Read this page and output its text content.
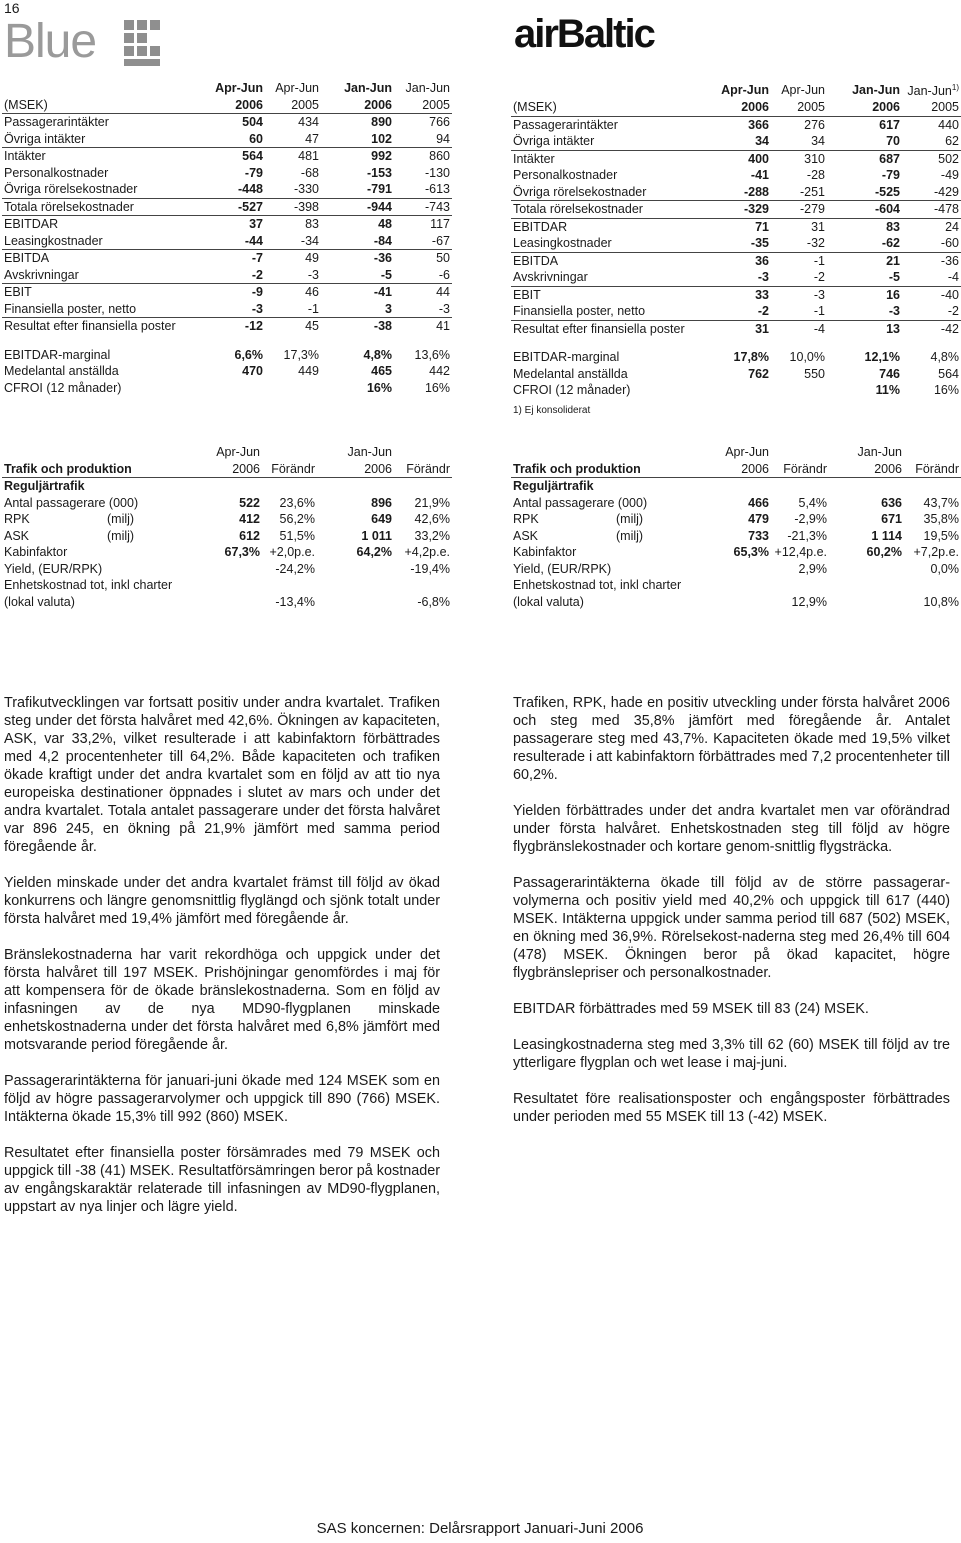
16
Blue	airBaltic
	Apr-Jun	Apr-Jun	Jan-Jun	Jan-Jun
(MSEK)	2006	2005	2006	2005
Passagerarintäkter	504	434	890	766
Övriga intäkter	60	47	102	94
Intäkter	564	481	992	860
Personalkostnader	-79	-68	-153	-130
Övriga rörelsekostnader	-448	-330	-791	-613
Totala rörelsekostnader	-527	-398	-944	-743
EBITDAR	37	83	48	117
Leasingkostnader	-44	-34	-84	-67
EBITDA	-7	49	-36	50
Avskrivningar	-2	-3	-5	-6
EBIT	-9	46	-41	44
Finansiella poster, netto	-3	-1	3	-3
Resultat efter finansiella poster	-12	45	-38	41

EBITDAR-marginal	6,6%	17,3%	4,8%	13,6%
Medelantal anställda	470	449	465	442
CFROI (12 månader)			16%	16%
	Apr-Jun	Apr-Jun	Jan-Jun	Jan-Jun$^{1)}$
(MSEK)	2006	2005	2006	2005
Passagerarintäkter	366	276	617	440
Övriga intäkter	34	34	70	62
Intäkter	400	310	687	502
Personalkostnader	-41	-28	-79	-49
Övriga rörelsekostnader	-288	-251	-525	-429
Totala rörelsekostnader	-329	-279	-604	-478
EBITDAR	71	31	83	24
Leasingkostnader	-35	-32	-62	-60
EBITDA	36	-1	21	-36
Avskrivningar	-3	-2	-5	-4
EBIT	33	-3	16	-40
Finansiella poster, netto	-2	-1	-3	-2
Resultat efter finansiella poster	31	-4	13	-42

EBITDAR-marginal	17,8%	10,0%	12,1%	4,8%
Medelantal anställda	762	550	746	564
CFROI (12 månader)			11%	16%
1) Ej konsoliderat				
		Apr-Jun		Jan-Jun	
Trafik och produktion		2006	Förändr	2006	Förändr
Reguljärtrafik					
Antal passagerare (000)		522	23,6%	896	21,9%
RPK	(milj)	412	56,2%	649	42,6%
ASK	(milj)	612	51,5%	1 011	33,2%
Kabinfaktor		67,3%	+2,0p.e.	64,2%	+4,2p.e.
Yield, (EUR/RPK)			-24,2%		-19,4%
Enhetskostnad tot, inkl charter					
(lokal valuta)			-13,4%		-6,8%
		Apr-Jun		Jan-Jun	
Trafik och produktion		2006	Förändr	2006	Förändr
Reguljärtrafik					
Antal passagerare (000)		466	5,4%	636	43,7%
RPK	(milj)	479	-2,9%	671	35,8%
ASK	(milj)	733	-21,3%	1 114	19,5%
Kabinfaktor		65,3%	+12,4p.e.	60,2%	+7,2p.e.
Yield, (EUR/RPK)			2,9%		0,0%
Enhetskostnad tot, inkl charter					
(lokal valuta)			12,9%		10,8%

Trafikutvecklingen var fortsatt positiv under andra kvartalet. Trafiken steg under det första halvåret med 42,6%. Ökningen av kapaciteten, ASK, var 33,2%, vilket resulterade i att kabinfaktorn förbättrades med 4,2 procentenheter till 64,2%. Både kapaciteten och trafiken ökade kraftigt under det andra kvartalet som en följd av att tio nya europeiska destinationer öppnades i slutet av mars och under det andra kvartalet. Totala antalet passagerare under det första halvåret var 896 245, en ökning på 21,9% jämfört med samma period föregående år.

Yielden minskade under det andra kvartalet främst till följd av ökad konkurrens och längre genomsnittlig flyglängd och sjönk totalt under första halvåret med 19,4% jämfört med föregående år.

Bränslekostnaderna har varit rekordhöga och uppgick under det första halvåret till 197 MSEK. Prishöjningar genomfördes i maj för att kompensera för de ökade bränslekostnaderna. Som en följd av infasningen av de nya MD90-flygplanen minskade enhetskostnaderna under det första halvåret med 6,8% jämfört med motsvarande period föregående år.

Passagerarintäkterna för januari-juni ökade med 124 MSEK som en följd av högre passagerarvolymer och uppgick till 890 (766) MSEK. Intäkterna ökade 15,3% till 992 (860) MSEK.

Resultatet efter finansiella poster försämrades med 79 MSEK och uppgick till -38 (41) MSEK. Resultatförsämringen beror på kostnader av engångskaraktär relaterade till infasningen av MD90-flygplanen, uppstart av nya linjer och lägre yield.

Trafiken, RPK, hade en positiv utveckling under första halvåret 2006 och steg med 35,8% jämfört med föregående år. Antalet passagerare steg med 43,7%. Kapaciteten ökade med 19,5% vilket resulterade i att kabinfaktorn förbättrades med 7,2 procentenheter till 60,2%.

Yielden förbättrades under det andra kvartalet men var oförändrad under första halvåret. Enhetskostnaden steg till följd av högre flygbränslekostnader och kortare genom-snittlig flygsträcka.

Passagerarintäkterna ökade till följd av de större passagerar-volymerna och positiv yield med 40,2% och uppgick till 617 (440) MSEK. Intäkterna uppgick under samma period till 687 (502) MSEK, en ökning med 36,9%. Rörelsekost-naderna steg med 26,4% till 604 (478) MSEK. Ökningen beror på ökad kapacitet, högre flygbränslepriser och personalkostnader.

EBITDAR förbättrades med 59 MSEK till 83 (24) MSEK.

Leasingkostnaderna steg med 3,3% till 62 (60) MSEK till följd av tre ytterligare flygplan och wet lease i maj-juni.

Resultatet före realisationsposter och engångsposter förbättrades under perioden med 55 MSEK till 13 (-42) MSEK.

SAS koncernen: Delårsrapport Januari-Juni 2006
